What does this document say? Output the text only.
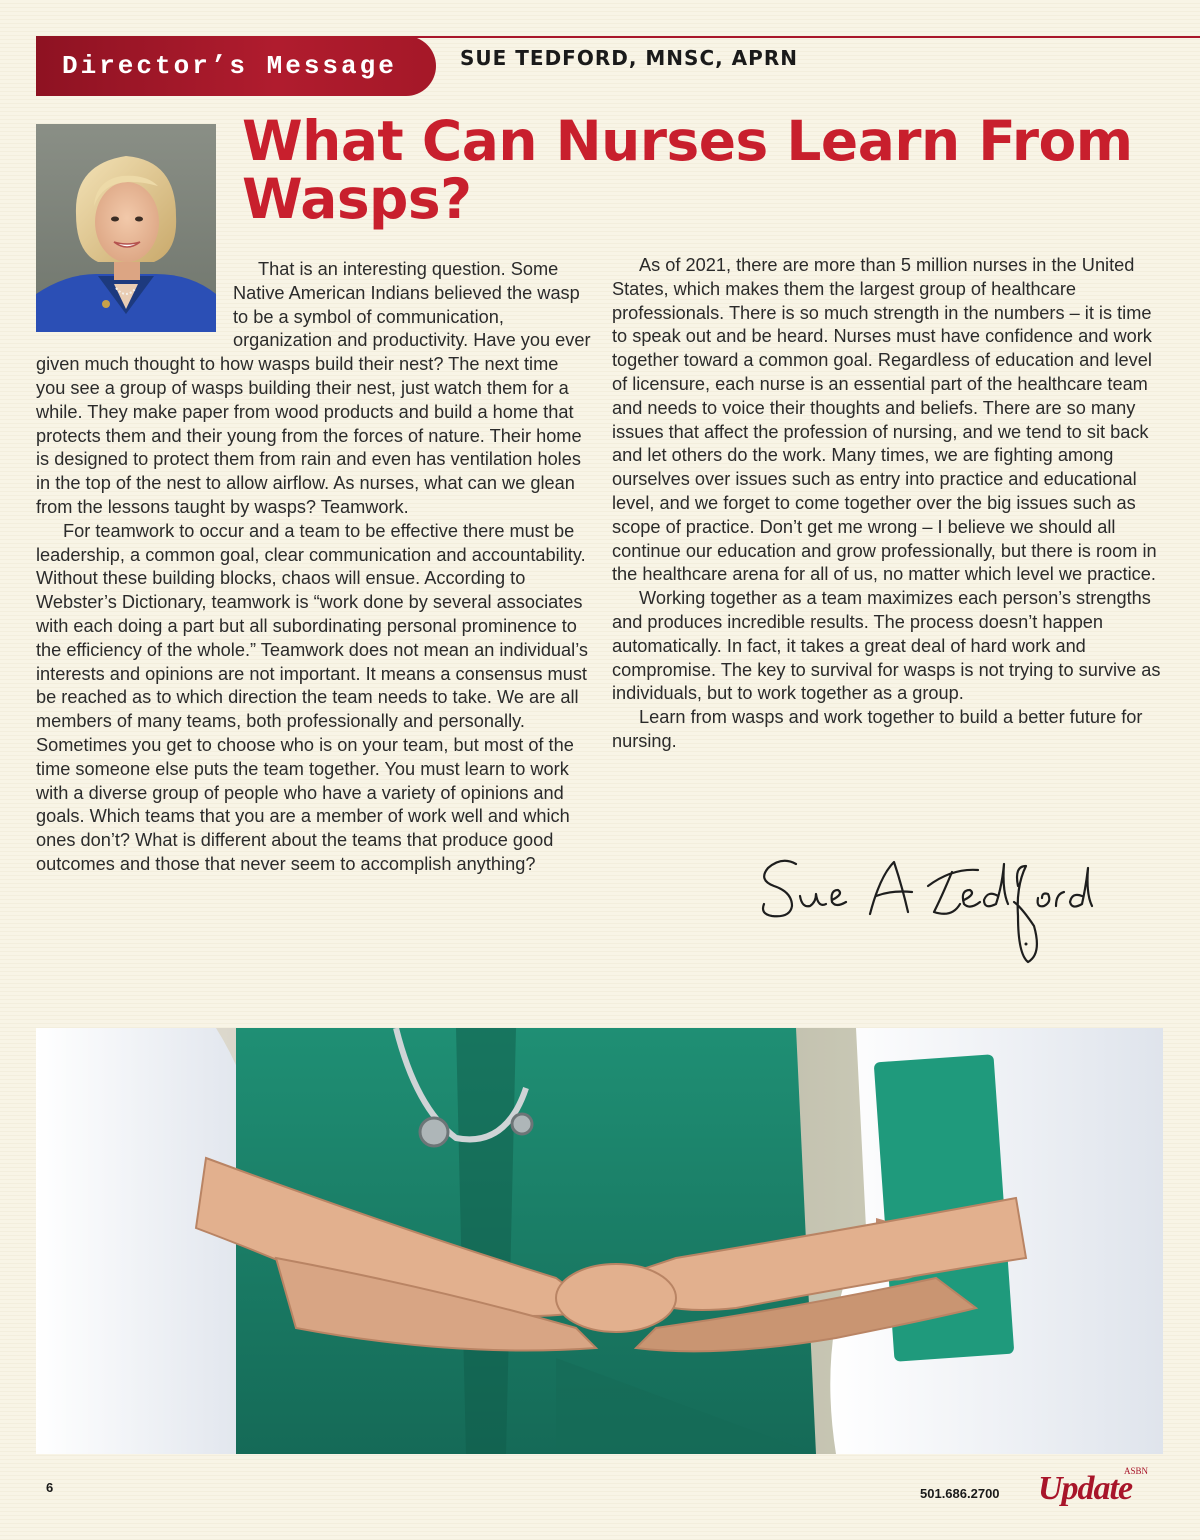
Director’s Message	SUE TEDFORD, MNSC, APRN
What Can Nurses Learn From Wasps?

That is an interesting question. Some Native American Indians believed the wasp to be a symbol of communication, organization and productivity. Have you ever given much thought to how wasps build their nest? The next time you see a group of wasps building their nest, just watch them for a while. They make paper from wood products and build a home that protects them and their young from the forces of nature. Their home is designed to protect them from rain and even has ventilation holes in the top of the nest to allow airflow. As nurses, what can we glean from the lessons taught by wasps? Teamwork.

For teamwork to occur and a team to be effective there must be leadership, a common goal, clear communication and accountability. Without these building blocks, chaos will ensue. According to Webster’s Dictionary, teamwork is “work done by several associates with each doing a part but all subordinating personal prominence to the efficiency of the whole.” Teamwork does not mean an individual’s interests and opinions are not important. It means a consensus must be reached as to which direction the team needs to take. We are all members of many teams, both professionally and personally. Sometimes you get to choose who is on your team, but most of the time someone else puts the team together. You must learn to work with a diverse group of people who have a variety of opinions and goals. Which teams that you are a member of work well and which ones don’t? What is different about the teams that produce good outcomes and those that never seem to accomplish anything?

As of 2021, there are more than 5 million nurses in the United States, which makes them the largest group of healthcare professionals. There is so much strength in the numbers – it is time to speak out and be heard. Nurses must have confidence and work together toward a common goal. Regardless of education and level of licensure, each nurse is an essential part of the healthcare team and needs to voice their thoughts and beliefs. There are so many issues that affect the profession of nursing, and we tend to sit back and let others do the work. Many times, we are fighting among ourselves over issues such as entry into practice and educational level, and we forget to come together over the big issues such as scope of practice. Don’t get me wrong – I believe we should all continue our education and grow professionally, but there is room in the healthcare arena for all of us, no matter which level we practice.

Working together as a team maximizes each person’s strengths and produces incredible results. The process doesn’t happen automatically. In fact, it takes a great deal of hard work and compromise. The key to survival for wasps is not trying to survive as individuals, but to work together as a group.

Learn from wasps and work together to build a better future for nursing.

6	501.686.2700
ASBN
Update
